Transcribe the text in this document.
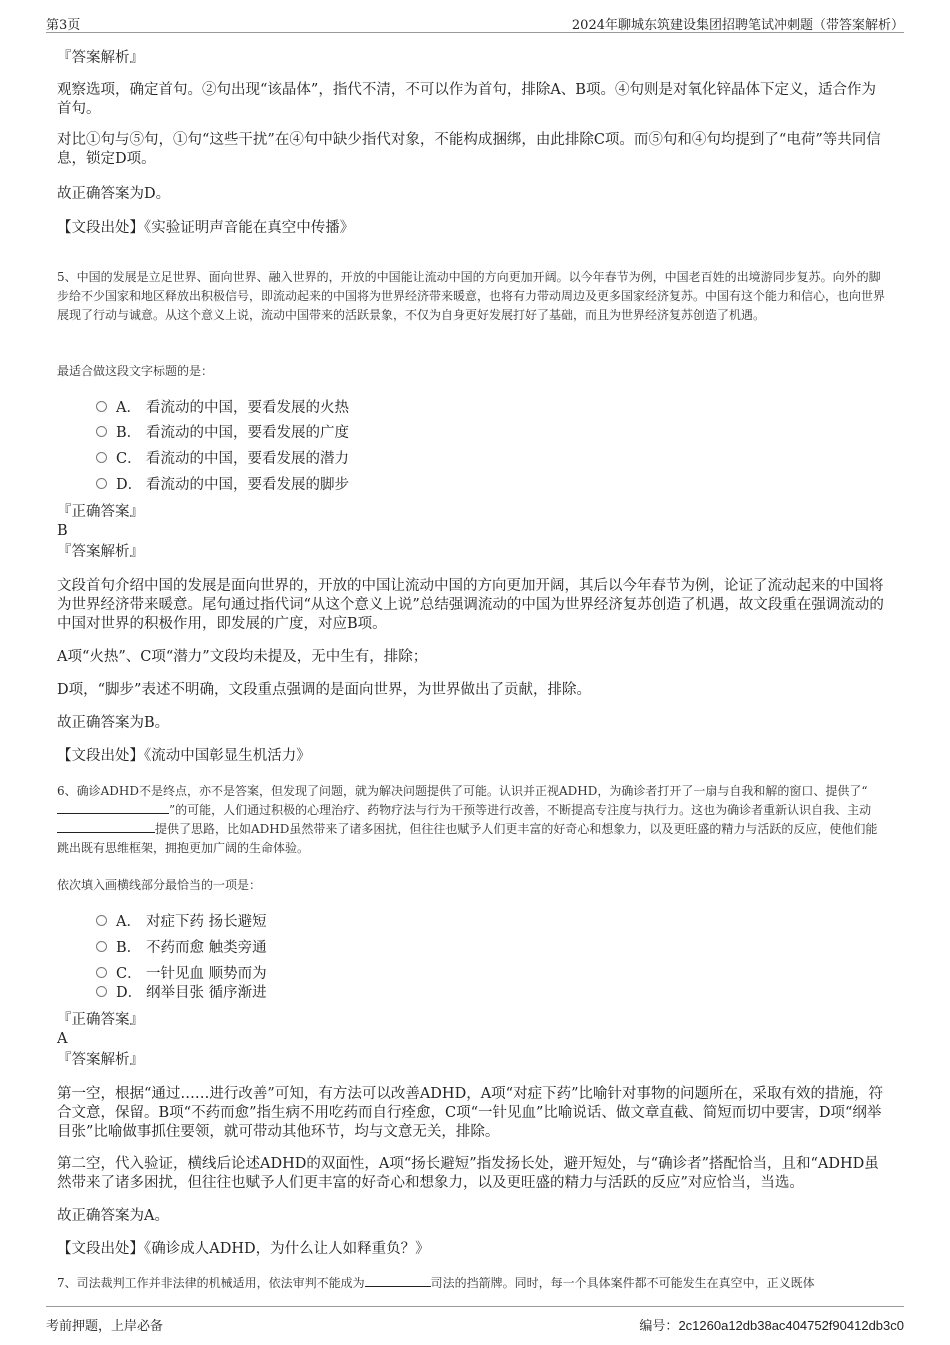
第3页	2024年聊城东筑建设集团招聘笔试冲刺题（带答案解析）
『答案解析』
观察选项，确定首句。②句出现“该晶体”，指代不清，不可以作为首句，排除A、B项。④句则是对氧化锌晶体下定义，适合作为首句。
对比①句与⑤句，①句“这些干扰”在④句中缺少指代对象，不能构成捆绑，由此排除C项。而⑤句和④句均提到了“电荷”等共同信息，锁定D项。
故正确答案为D。
【文段出处】《实验证明声音能在真空中传播》
5、中国的发展是立足世界、面向世界、融入世界的，开放的中国能让流动中国的方向更加开阔。以今年春节为例，中国老百姓的出境游同步复苏。向外的脚步给不少国家和地区释放出积极信号，即流动起来的中国将为世界经济带来暖意，也将有力带动周边及更多国家经济复苏。中国有这个能力和信心，也向世界展现了行动与诚意。从这个意义上说，流动中国带来的活跃景象，不仅为自身更好发展打好了基础，而且为世界经济复苏创造了机遇。
最适合做这段文字标题的是：
A． 看流动的中国，要看发展的火热
B． 看流动的中国，要看发展的广度
C． 看流动的中国，要看发展的潜力
D． 看流动的中国，要看发展的脚步
『正确答案』
B
『答案解析』
文段首句介绍中国的发展是面向世界的，开放的中国让流动中国的方向更加开阔，其后以今年春节为例，论证了流动起来的中国将为世界经济带来暖意。尾句通过指代词“从这个意义上说”总结强调流动的中国为世界经济复苏创造了机遇，故文段重在强调流动的中国对世界的积极作用，即发展的广度，对应B项。
A项“火热”、C项“潜力”文段均未提及，无中生有，排除；
D项，“脚步”表述不明确，文段重点强调的是面向世界，为世界做出了贡献，排除。
故正确答案为B。
【文段出处】《流动中国彰显生机活力》
6、确诊ADHD不是终点，亦不是答案，但发现了问题，就为解决问题提供了可能。认识并正视ADHD，为确诊者打开了一扇与自我和解的窗口、提供了“”的可能，人们通过积极的心理治疗、药物疗法与行为干预等进行改善，不断提高专注度与执行力。这也为确诊者重新认识自我、主动提供了思路，比如ADHD虽然带来了诸多困扰，但往往也赋予人们更丰富的好奇心和想象力，以及更旺盛的精力与活跃的反应，使他们能跳出既有思维框架，拥抱更加广阔的生命体验。
依次填入画横线部分最恰当的一项是：
A． 对症下药 扬长避短
B． 不药而愈 触类旁通
C． 一针见血 顺势而为
D． 纲举目张 循序渐进
『正确答案』
A
『答案解析』
第一空，根据“通过……进行改善”可知，有方法可以改善ADHD，A项“对症下药”比喻针对事物的问题所在，采取有效的措施，符合文意，保留。B项“不药而愈”指生病不用吃药而自行痊愈，C项“一针见血”比喻说话、做文章直截、简短而切中要害，D项“纲举目张”比喻做事抓住要领，就可带动其他环节，均与文意无关，排除。
第二空，代入验证，横线后论述ADHD的双面性，A项“扬长避短”指发扬长处，避开短处，与“确诊者”搭配恰当，且和“ADHD虽然带来了诸多困扰，但往往也赋予人们更丰富的好奇心和想象力，以及更旺盛的精力与活跃的反应”对应恰当，当选。
故正确答案为A。
【文段出处】《确诊成人ADHD，为什么让人如释重负？》
7、司法裁判工作并非法律的机械适用，依法审判不能成为	司法的挡箭牌。同时，每一个具体案件都不可能发生在真空中，正义既体
考前押题，上岸必备	编号：2c1260a12db38ac404752f90412db3c0
